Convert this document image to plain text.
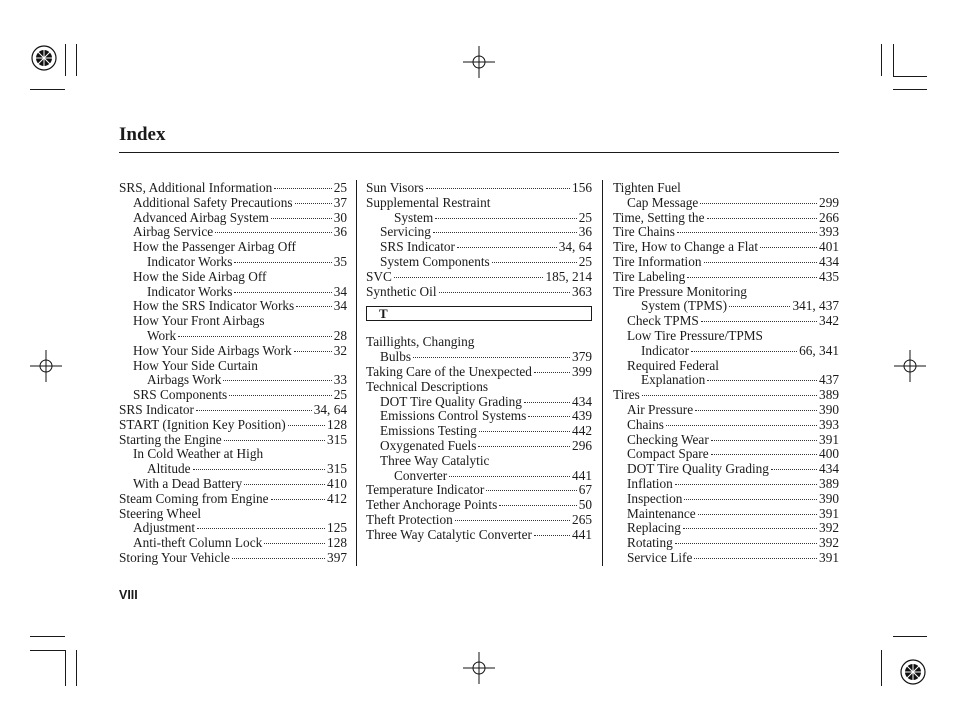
Index
SRS, Additional Information	25
Additional Safety Precautions	37
Advanced Airbag System	30
Airbag Service	36
How the Passenger Airbag Off
Indicator Works	35
How the Side Airbag Off
Indicator Works	34
How the SRS Indicator Works	34
How Your Front Airbags
Work	28
How Your Side Airbags Work	32
How Your Side Curtain
Airbags Work	33
SRS Components	25
SRS Indicator	34, 64
START (Ignition Key Position)	128
Starting the Engine	315
In Cold Weather at High
Altitude	315
With a Dead Battery	410
Steam Coming from Engine	412
Steering Wheel
Adjustment	125
Anti-theft Column Lock	128
Storing Your Vehicle	397
Sun Visors	156
Supplemental Restraint
System	25
Servicing	36
SRS Indicator	34, 64
System Components	25
SVC	185, 214
Synthetic Oil	363
T
Taillights, Changing
Bulbs	379
Taking Care of the Unexpected	399
Technical Descriptions
DOT Tire Quality Grading	434
Emissions Control Systems	439
Emissions Testing	442
Oxygenated Fuels	296
Three Way Catalytic
Converter	441
Temperature Indicator	67
Tether Anchorage Points	50
Theft Protection	265
Three Way Catalytic Converter	441
Tighten Fuel
Cap Message	299
Time, Setting the	266
Tire Chains	393
Tire, How to Change a Flat	401
Tire Information	434
Tire Labeling	435
Tire Pressure Monitoring
System (TPMS)	341, 437
Check TPMS	342
Low Tire Pressure/TPMS
Indicator	66, 341
Required Federal
Explanation	437
Tires	389
Air Pressure	390
Chains	393
Checking Wear	391
Compact Spare	400
DOT Tire Quality Grading	434
Inflation	389
Inspection	390
Maintenance	391
Replacing	392
Rotating	392
Service Life	391
VIII
